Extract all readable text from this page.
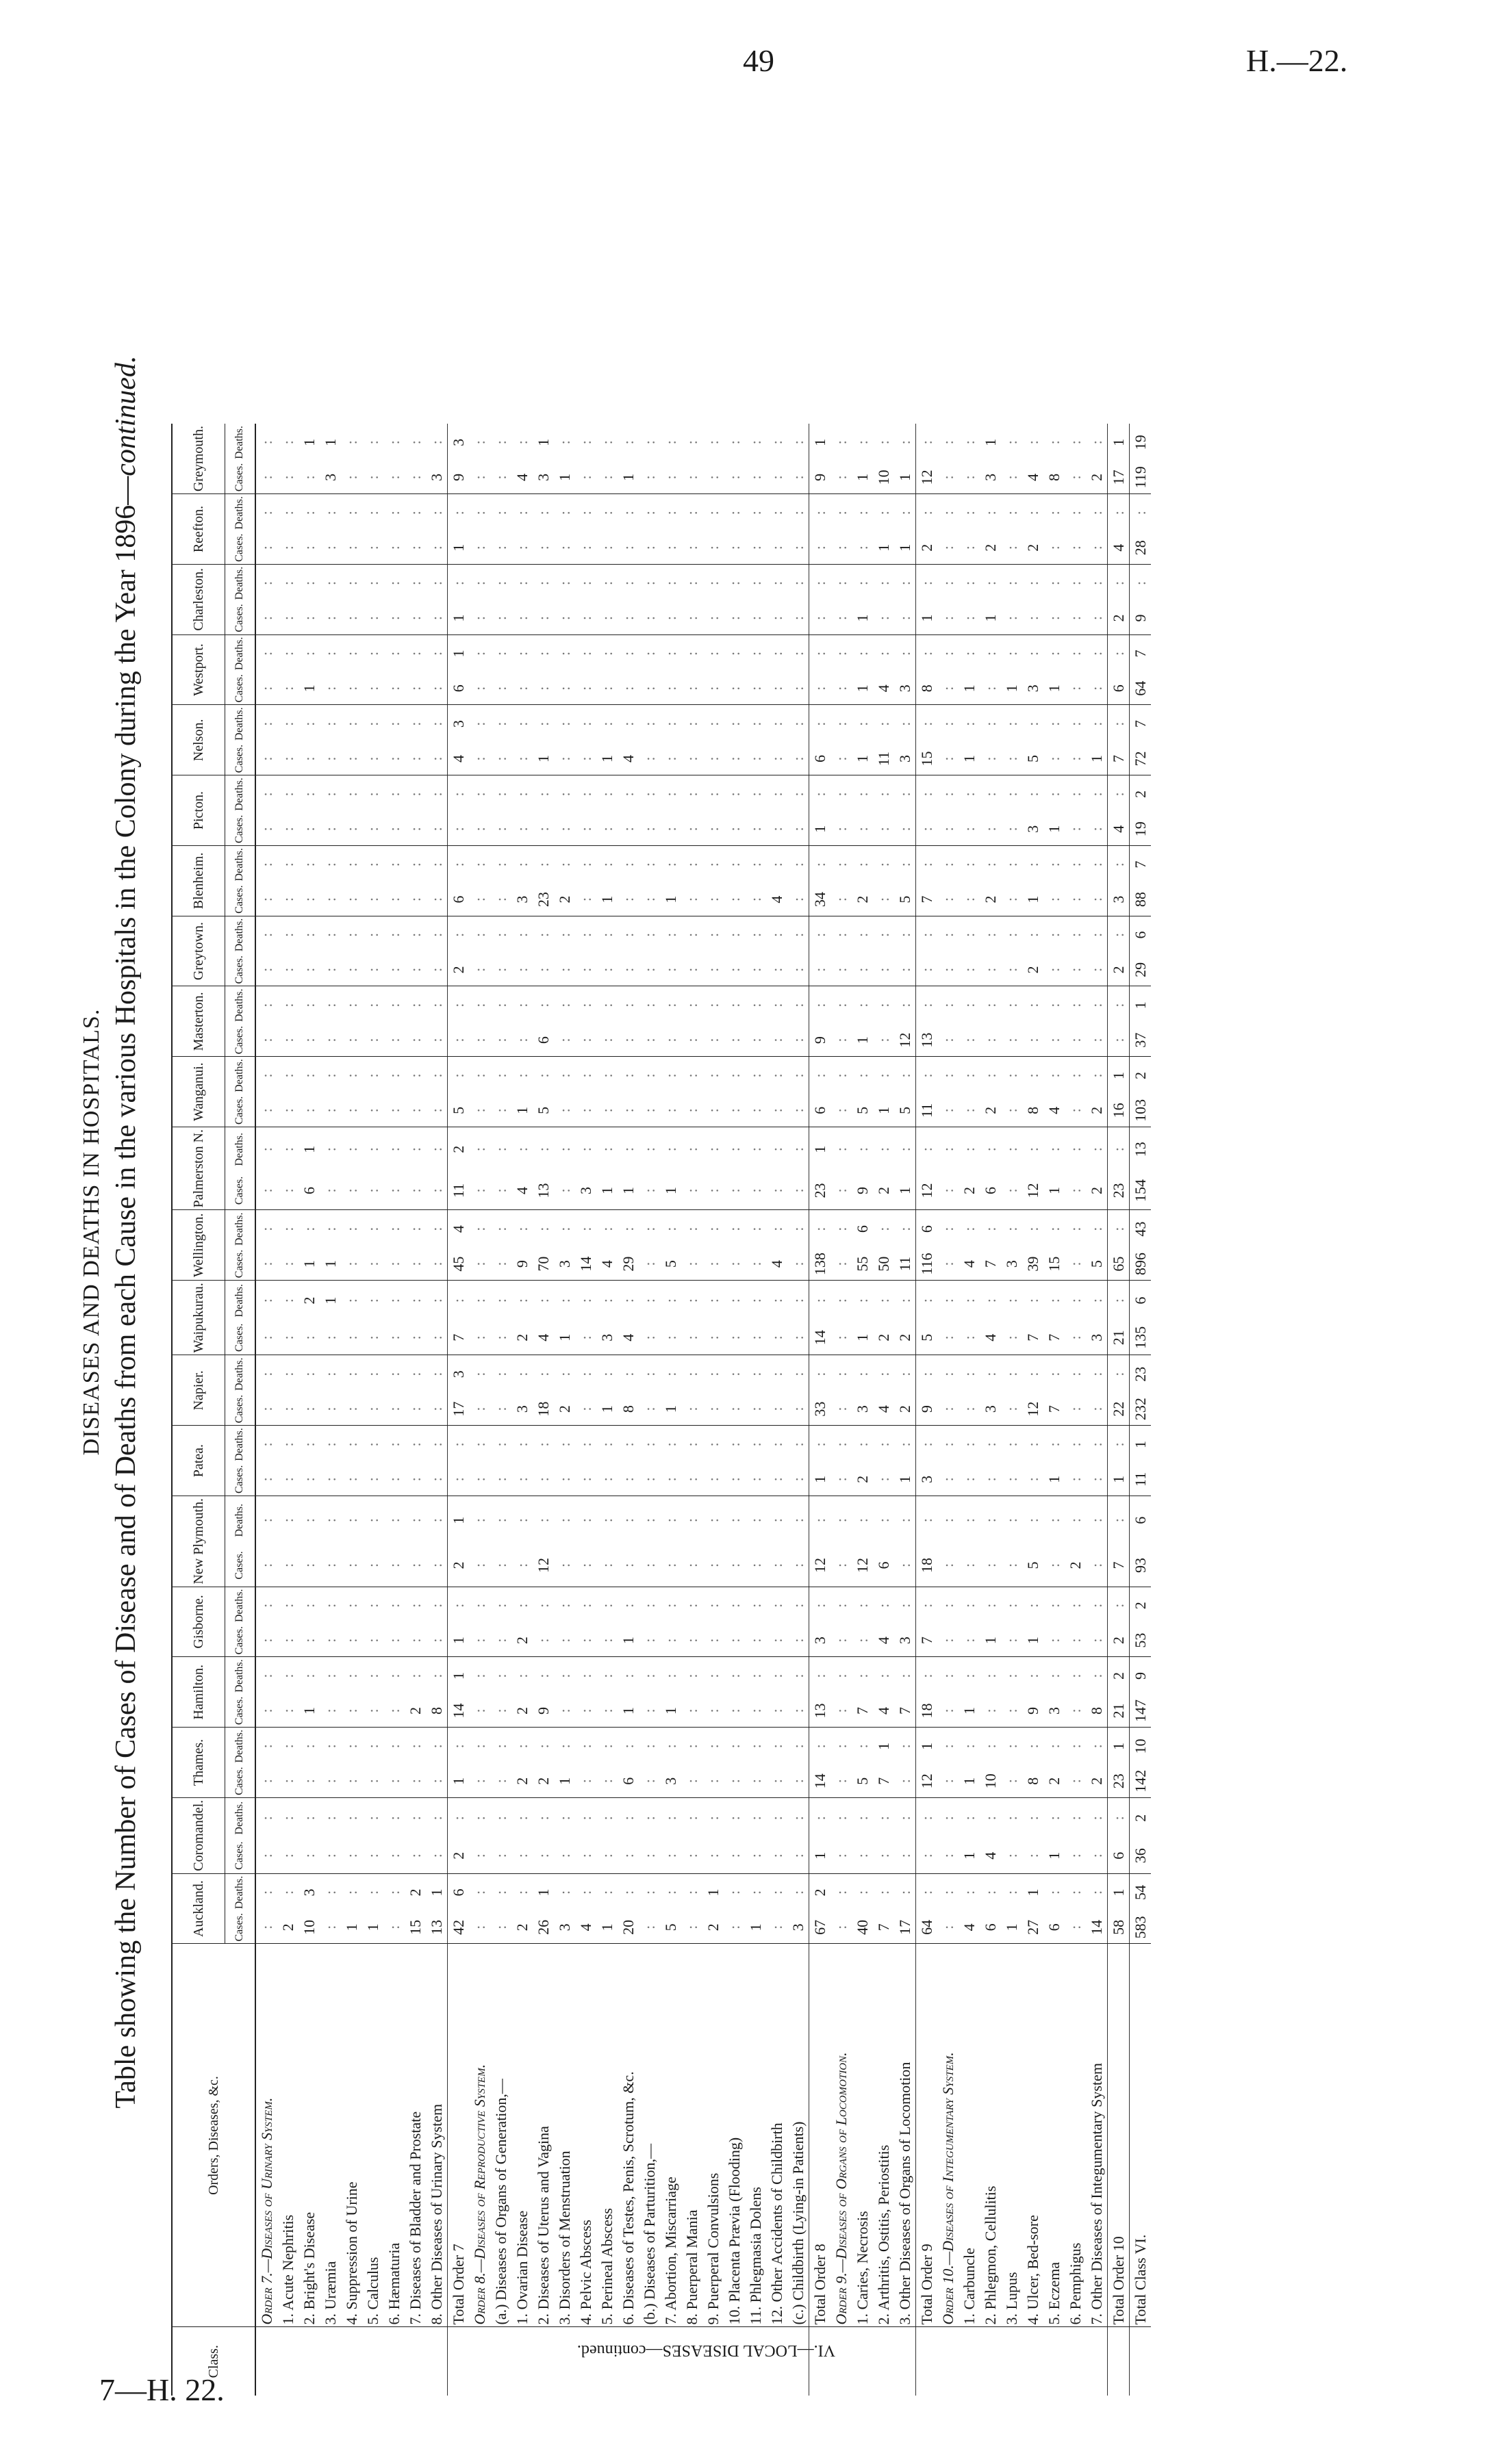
49	H.—22.
DISEASES AND DEATHS IN HOSPITALS. Table showing the Number of Cases of Disease and of Deaths from each Cause in the various Hospitals in the Colony during the Year 1896—continued.
VI.—LOCAL DISEASES—continued.
Class.	Orders, Diseases, &c.	Auckland.		Coromandel.		Thames.		Hamilton.		Gisborne.		New Plymouth.		Patea.		Napier.		Waipukurau.		Wellington.		Palmerston N.		Wanganui.		Masterton.		Greytown.		Blenheim.		Picton.		Nelson.		Westport.		Charleston.		Reefton.		Greymouth.	
		Cases.	Deaths.	Cases.	Deaths.	Cases.	Deaths.	Cases.	Deaths.	Cases.	Deaths.	Cases.	Deaths.	Cases.	Deaths.	Cases.	Deaths.	Cases.	Deaths.	Cases.	Deaths.	Cases.	Deaths.	Cases.	Deaths.	Cases.	Deaths.	Cases.	Deaths.	Cases.	Deaths.	Cases.	Deaths.	Cases.	Deaths.	Cases.	Deaths.	Cases.	Deaths.	Cases.	Deaths.	Cases.	Deaths.
	Order 7.—Diseases of Urinary System.	:	:	:	:	:	:	:	:	:	:	:	:	:	:	:	:	:	:	:	:	:	:	:	:	:	:	:	:	:	:	:	:	:	:	:	:	:	:	:	:	:	:
	1. Acute Nephritis	2	:	:	:	:	:	:	:	:	:	:	:	:	:	:	:	:	:	:	:	:	:	:	:	:	:	:	:	:	:	:	:	:	:	:	:	:	:	:	:	:	:
	2. Bright's Disease	10	3	:	:	:	:	1	:	:	:	:	:	:	:	:	:	:	2	1	:	6	1	:	:	:	:	:	:	:	:	:	:	:	:	1	:	:	:	:	:	:	1
	3. Uræmia	:	:	:	:	:	:	:	:	:	:	:	:	:	:	:	:	:	1	1	:	:	:	:	:	:	:	:	:	:	:	:	:	:	:	:	:	:	:	:	:	3	1
	4. Suppression of Urine	1	:	:	:	:	:	:	:	:	:	:	:	:	:	:	:	:	:	:	:	:	:	:	:	:	:	:	:	:	:	:	:	:	:	:	:	:	:	:	:	:	:
	5. Calculus	1	:	:	:	:	:	:	:	:	:	:	:	:	:	:	:	:	:	:	:	:	:	:	:	:	:	:	:	:	:	:	:	:	:	:	:	:	:	:	:	:	:
	6. Hæmaturia	:	:	:	:	:	:	:	:	:	:	:	:	:	:	:	:	:	:	:	:	:	:	:	:	:	:	:	:	:	:	:	:	:	:	:	:	:	:	:	:	:	:
	7. Diseases of Bladder and Prostate	15	2	:	:	:	:	2	:	:	:	:	:	:	:	:	:	:	:	:	:	:	:	:	:	:	:	:	:	:	:	:	:	:	:	:	:	:	:	:	:	:	:
	8. Other Diseases of Urinary System	13	1	:	:	:	:	8	:	:	:	:	:	:	:	:	:	:	:	:	:	:	:	:	:	:	:	:	:	:	:	:	:	:	:	:	:	:	:	:	:	3	:
	Total Order 7	42	6	2	:	1	:	14	1	1	:	2	1	:	:	17	3	7	:	45	4	11	2	5	:	:	:	2	:	6	:	:	:	4	3	6	1	1	:	1	:	9	3
	Order 8.—Diseases of Reproductive System.	:	:	:	:	:	:	:	:	:	:	:	:	:	:	:	:	:	:	:	:	:	:	:	:	:	:	:	:	:	:	:	:	:	:	:	:	:	:	:	:	:	:
	(a.) Diseases of Organs of Generation,—	:	:	:	:	:	:	:	:	:	:	:	:	:	:	:	:	:	:	:	:	:	:	:	:	:	:	:	:	:	:	:	:	:	:	:	:	:	:	:	:	:	:
	1. Ovarian Disease	2	:	:	:	2	:	2	:	2	:	:	:	:	:	3	:	2	:	9	:	4	:	1	:	:	:	:	:	3	:	:	:	:	:	:	:	:	:	:	:	4	:
	2. Diseases of Uterus and Vagina	26	1	:	:	2	:	9	:	:	:	12	:	:	:	18	:	4	:	70	:	13	:	5	:	6	:	:	:	23	:	:	:	1	:	:	:	:	:	:	:	3	1
	3. Disorders of Menstruation	3	:	:	:	1	:	:	:	:	:	:	:	:	:	2	:	1	:	3	:	:	:	:	:	:	:	:	:	2	:	:	:	:	:	:	:	:	:	:	:	1	:
	4. Pelvic Abscess	4	:	:	:	:	:	:	:	:	:	:	:	:	:	:	:	:	:	14	:	3	:	:	:	:	:	:	:	:	:	:	:	:	:	:	:	:	:	:	:	:	:
	5. Perineal Abscess	1	:	:	:	:	:	:	:	:	:	:	:	:	:	1	:	3	:	4	:	1	:	:	:	:	:	:	:	1	:	:	:	1	:	:	:	:	:	:	:	:	:
	6. Diseases of Testes, Penis, Scrotum, &c.	20	:	:	:	6	:	1	:	1	:	:	:	:	:	8	:	4	:	29	:	1	:	:	:	:	:	:	:	:	:	:	:	4	:	:	:	:	:	:	:	1	:
	(b.) Diseases of Parturition,—	:	:	:	:	:	:	:	:	:	:	:	:	:	:	:	:	:	:	:	:	:	:	:	:	:	:	:	:	:	:	:	:	:	:	:	:	:	:	:	:	:	:
	7. Abortion, Miscarriage	5	:	:	:	3	:	1	:	:	:	:	:	:	:	1	:	:	:	5	:	1	:	:	:	:	:	:	:	1	:	:	:	:	:	:	:	:	:	:	:	:	:
	8. Puerperal Mania	:	:	:	:	:	:	:	:	:	:	:	:	:	:	:	:	:	:	:	:	:	:	:	:	:	:	:	:	:	:	:	:	:	:	:	:	:	:	:	:	:	:
	9. Puerperal Convulsions	2	1	:	:	:	:	:	:	:	:	:	:	:	:	:	:	:	:	:	:	:	:	:	:	:	:	:	:	:	:	:	:	:	:	:	:	:	:	:	:	:	:
	10. Placenta Prævia (Flooding)	:	:	:	:	:	:	:	:	:	:	:	:	:	:	:	:	:	:	:	:	:	:	:	:	:	:	:	:	:	:	:	:	:	:	:	:	:	:	:	:	:	:
	11. Phlegmasia Dolens	1	:	:	:	:	:	:	:	:	:	:	:	:	:	:	:	:	:	:	:	:	:	:	:	:	:	:	:	:	:	:	:	:	:	:	:	:	:	:	:	:	:
	12. Other Accidents of Childbirth	:	:	:	:	:	:	:	:	:	:	:	:	:	:	:	:	:	:	4	:	:	:	:	:	:	:	:	:	4	:	:	:	:	:	:	:	:	:	:	:	:	:
	(c.) Childbirth (Lying-in Patients)	3	:	:	:	:	:	:	:	:	:	:	:	:	:	:	:	:	:	:	:	:	:	:	:	:	:	:	:	:	:	:	:	:	:	:	:	:	:	:	:	:	:
	Total Order 8	67	2	1	:	14	:	13	:	3	:	12	:	1	:	33	:	14	:	138	:	23	1	6	:	9	:	:	:	34	:	1	:	6	:	:	:	:	:	:	:	9	1
	Order 9.—Diseases of Organs of Locomotion.	:	:	:	:	:	:	:	:	:	:	:	:	:	:	:	:	:	:	:	:	:	:	:	:	:	:	:	:	:	:	:	:	:	:	:	:	:	:	:	:	:	:
	1. Caries, Necrosis	40	:	:	:	5	:	7	:	:	:	12	:	2	:	3	:	1	:	55	6	9	:	5	:	1	:	:	:	2	:	:	:	1	:	1	:	1	:	:	:	1	:
	2. Arthritis, Ostitis, Periostitis	7	:	:	:	7	1	4	:	4	:	6	:	:	:	4	:	2	:	50	:	2	:	1	:	:	:	:	:	:	:	:	:	11	:	4	:	:	:	1	:	10	:
	3. Other Diseases of Organs of Locomotion	17	:	:	:	:	:	7	:	3	:	:	:	1	:	2	:	2	:	11	:	1	:	5	:	12	:	:	:	5	:	:	:	3	:	3	:	:	:	1	:	1	:
	Total Order 9	64	:	:	:	12	1	18	:	7	:	18	:	3	:	9	:	5	:	116	6	12	:	11	:	13	:	:	:	7	:	:	:	15	:	8	:	1	:	2	:	12	:
	Order 10.—Diseases of Integumentary System.	:	:	:	:	:	:	:	:	:	:	:	:	:	:	:	:	:	:	:	:	:	:	:	:	:	:	:	:	:	:	:	:	:	:	:	:	:	:	:	:	:	:
	1. Carbuncle	4	:	1	:	1	:	1	:	:	:	:	:	:	:	:	:	:	:	4	:	2	:	:	:	:	:	:	:	:	:	:	:	1	:	1	:	:	:	:	:	:	:
	2. Phlegmon, Cellulitis	6	:	4	:	10	:	:	:	1	:	:	:	:	:	3	:	4	:	7	:	6	:	2	:	:	:	:	:	2	:	:	:	:	:	:	:	1	:	2	:	3	1
	3. Lupus	1	:	:	:	:	:	:	:	:	:	:	:	:	:	:	:	:	:	3	:	:	:	:	:	:	:	:	:	:	:	:	:	:	:	1	:	:	:	:	:	:	:
	4. Ulcer, Bed-sore	27	1	:	:	8	:	9	:	1	:	5	:	:	:	12	:	7	:	39	:	12	:	8	:	:	:	2	:	1	:	3	:	5	:	3	:	:	:	2	:	4	:
	5. Eczema	6	:	1	:	2	:	3	:	:	:	:	:	1	:	7	:	7	:	15	:	1	:	4	:	:	:	:	:	:	:	1	:	:	:	1	:	:	:	:	:	8	:
	6. Pemphigus	:	:	:	:	:	:	:	:	:	:	2	:	:	:	:	:	:	:	:	:	:	:	:	:	:	:	:	:	:	:	:	:	:	:	:	:	:	:	:	:	:	:
	7. Other Diseases of Integumentary System	14	:	:	:	2	:	8	:	:	:	:	:	:	:	:	:	3	:	5	:	2	:	2	:	:	:	:	:	:	:	:	:	1	:	:	:	:	:	:	:	2	:
	Total Order 10	58	1	6	:	23	1	21	2	2	:	7	:	1	:	22	:	21	:	65	:	23	:	16	1	:	:	2	:	3	:	4	:	7	:	6	:	2	:	4	:	17	1
	Total Class VI.	583	54	36	2	142	10	147	9	53	2	93	6	11	1	232	23	135	6	896	43	154	13	103	2	37	1	29	6	88	7	19	2	72	7	64	7	9	:	28	:	119	19
7—H. 22.
